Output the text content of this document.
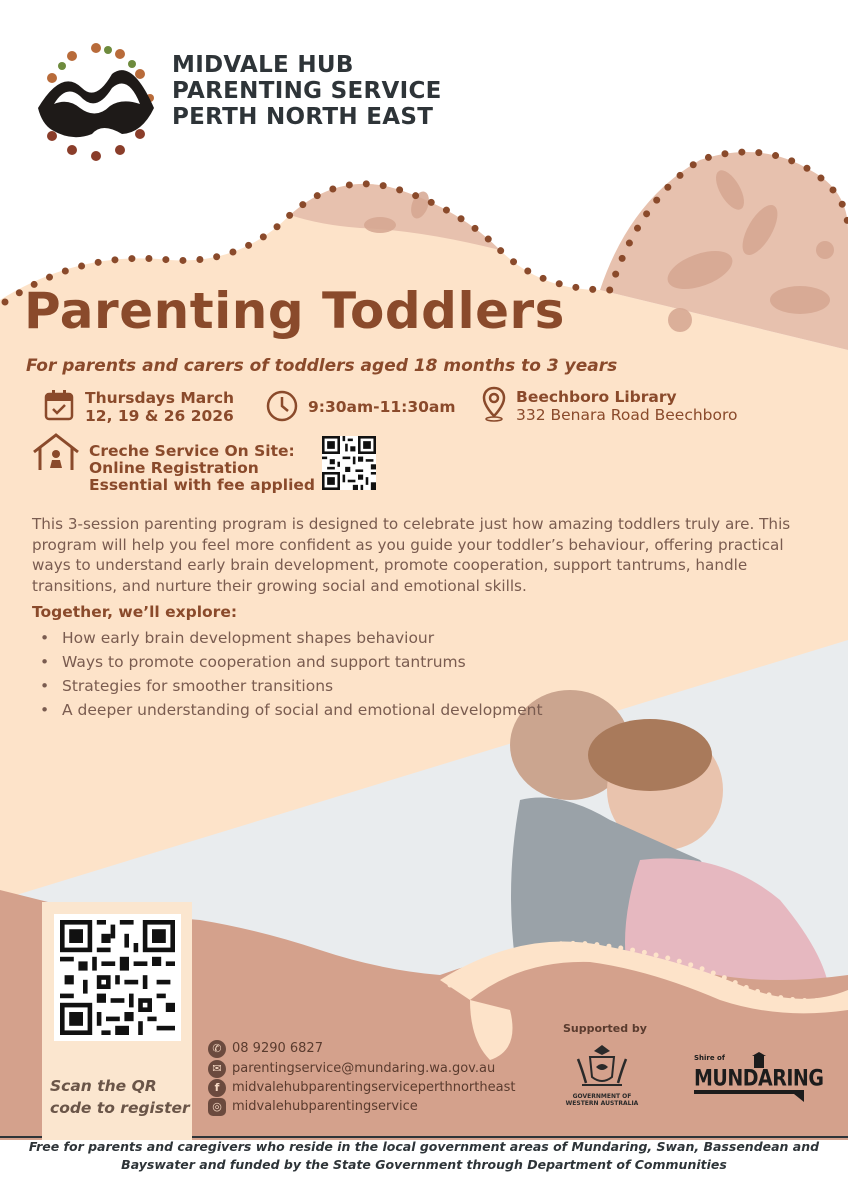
MIDVALE HUB
PARENTING SERVICE
PERTH NORTH EAST
Parenting Toddlers
For parents and carers of toddlers aged 18 months to 3 years
Thursdays March
12, 19 & 26 2026	9:30am-11:30am
Beechboro Library
332 Benara Road Beechboro
Creche Service On Site:
Online Registration
Essential with fee applied
This 3-session parenting program is designed to celebrate just how amazing toddlers truly are. This program will help you feel more confident as you guide your toddler’s behaviour, offering practical ways to understand early brain development, promote cooperation, support tantrums, handle transitions, and nurture their growing social and emotional skills.
Together, we’ll explore:
• How early brain development shapes behaviour
• Ways to promote cooperation and support tantrums
• Strategies for smoother transitions
• A deeper understanding of social and emotional development
Scan the QR
code to register
✆ 08 9290 6827
✉ parentingservice@mundaring.wa.gov.au
f midvalehubparentingserviceperthnortheast
◎ midvalehubparentingservice
Supported by
GOVERNMENT OF
WESTERN AUSTRALIA
Shire of
MUNDARING
Free for parents and caregivers who reside in the local government areas of Mundaring, Swan, Bassendean and
Bayswater and funded by the State Government through Department of Communities
